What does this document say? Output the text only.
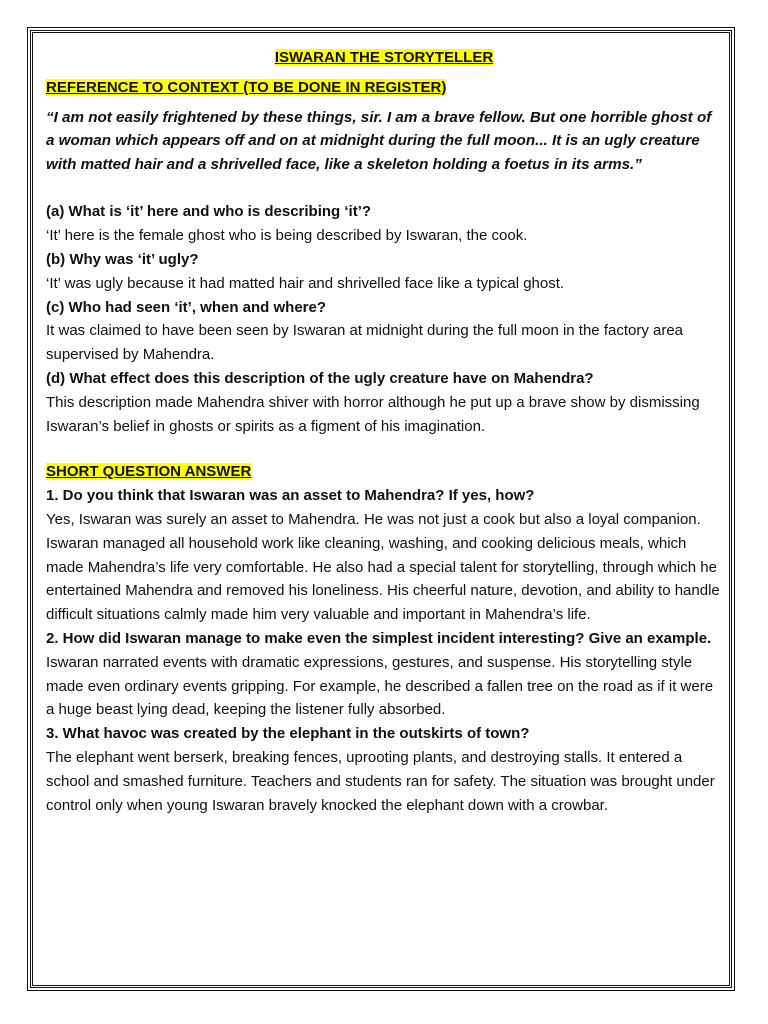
ISWARAN THE STORYTELLER

REFERENCE TO CONTEXT (TO BE DONE IN REGISTER)

“I am not easily frightened by these things, sir. I am a brave fellow. But one horrible ghost of a woman which appears off and on at midnight during the full moon... It is an ugly creature with matted hair and a shrivelled face, like a skeleton holding a foetus in its arms.”

(a) What is ‘it’ here and who is describing ‘it’?

‘It’ here is the female ghost who is being described by Iswaran, the cook.

(b) Why was ‘it’ ugly?

‘It’ was ugly because it had matted hair and shrivelled face like a typical ghost.

(c) Who had seen ‘it’, when and where?

It was claimed to have been seen by Iswaran at midnight during the full moon in the factory area supervised by Mahendra.

(d) What effect does this description of the ugly creature have on Mahendra?

This description made Mahendra shiver with horror although he put up a brave show by dismissing Iswaran’s belief in ghosts or spirits as a figment of his imagination.

SHORT QUESTION ANSWER

1. Do you think that Iswaran was an asset to Mahendra? If yes, how?

Yes, Iswaran was surely an asset to Mahendra. He was not just a cook but also a loyal companion. Iswaran managed all household work like cleaning, washing, and cooking delicious meals, which made Mahendra’s life very comfortable. He also had a special talent for storytelling, through which he entertained Mahendra and removed his loneliness. His cheerful nature, devotion, and ability to handle difficult situations calmly made him very valuable and important in Mahendra’s life.

2. How did Iswaran manage to make even the simplest incident interesting? Give an example.

Iswaran narrated events with dramatic expressions, gestures, and suspense. His storytelling style made even ordinary events gripping. For example, he described a fallen tree on the road as if it were a huge beast lying dead, keeping the listener fully absorbed.

3. What havoc was created by the elephant in the outskirts of town?

The elephant went berserk, breaking fences, uprooting plants, and destroying stalls. It entered a school and smashed furniture. Teachers and students ran for safety. The situation was brought under control only when young Iswaran bravely knocked the elephant down with a crowbar.
